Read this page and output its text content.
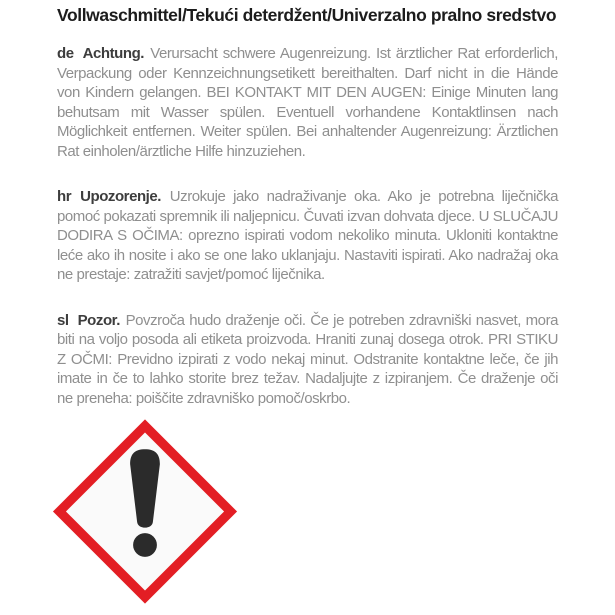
Vollwaschmittel/Tekući deterdžent/Univerzalno pralno sredstvo
de Achtung. Verursacht schwere Augenreizung. Ist ärztlicher Rat erforderlich, Verpackung oder Kennzeichnungsetikett bereithalten. Darf nicht in die Hände von Kindern gelangen. BEI KONTAKT MIT DEN AUGEN: Einige Minuten lang behutsam mit Wasser spülen. Eventuell vorhandene Kontaktlinsen nach Möglichkeit entfernen. Weiter spülen. Bei anhaltender Augenreizung: Ärztlichen Rat einholen/ärztliche Hilfe hinzuziehen.
hr Upozorenje. Uzrokuje jako nadraživanje oka. Ako je potrebna liječnička pomoć pokazati spremnik ili naljepnicu. Čuvati izvan dohvata djece. U SLUČAJU DODIRA S OČIMA: oprezno ispirati vodom nekoliko minuta. Ukloniti kontaktne leće ako ih nosite i ako se one lako uklanjaju. Nastaviti ispirati. Ako nadražaj oka ne prestaje: zatražiti savjet/pomoć liječnika.
sl Pozor. Povzroča hudo draženje oči. Če je potreben zdravniški nasvet, mora biti na voljo posoda ali etiketa proizvoda. Hraniti zunaj dosega otrok. PRI STIKU Z OČMI: Previdno izpirati z vodo nekaj minut. Odstranite kontaktne leče, če jih imate in če to lahko storite brez težav. Nadaljujte z izpiranjem. Če draženje oči ne preneha: poiščite zdravniško pomoč/oskrbo.
